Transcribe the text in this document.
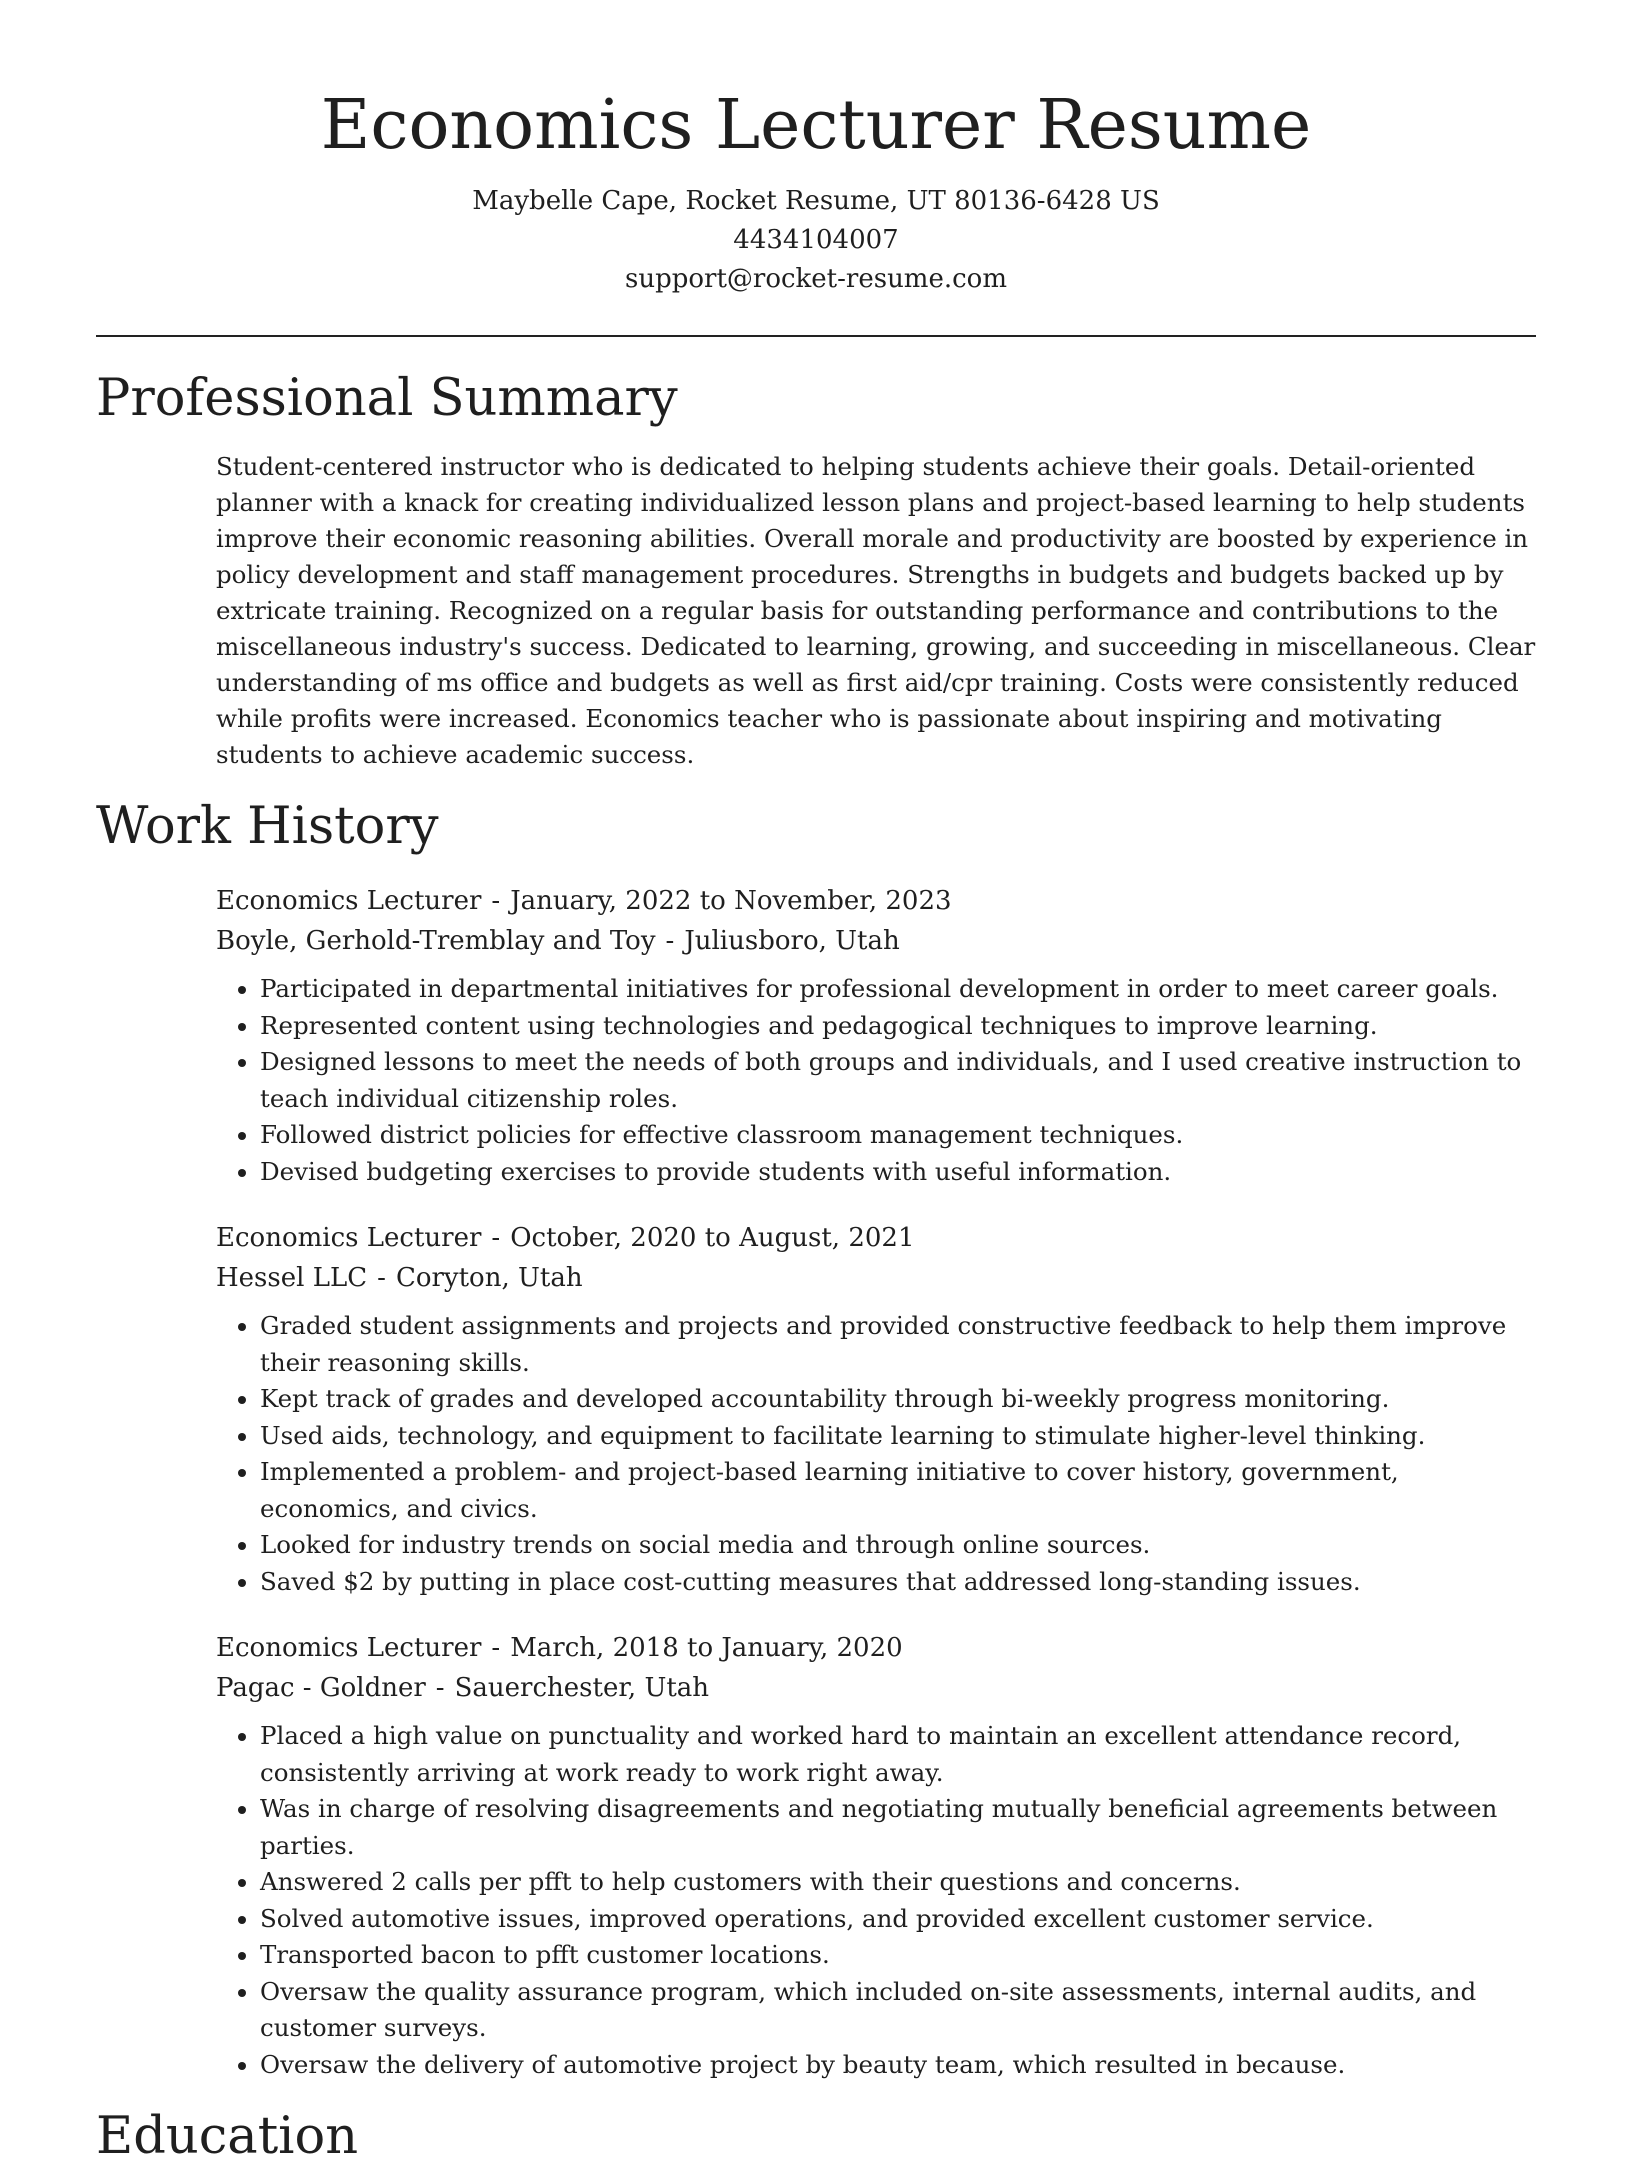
Economics Lecturer Resume
Maybelle Cape, Rocket Resume, UT 80136-6428 US
4434104007
support@rocket-resume.com
Professional Summary

Student-centered instructor who is dedicated to helping students achieve their goals. Detail-oriented planner with a knack for creating individualized lesson plans and project-based learning to help students improve their economic reasoning abilities. Overall morale and productivity are boosted by experience in policy development and staff management procedures. Strengths in budgets and budgets backed up by extricate training. Recognized on a regular basis for outstanding performance and contributions to the miscellaneous industry's success. Dedicated to learning, growing, and succeeding in miscellaneous. Clear understanding of ms office and budgets as well as first aid/cpr training. Costs were consistently reduced while profits were increased. Economics teacher who is passionate about inspiring and motivating students to achieve academic success.

Work History
Economics Lecturer - January, 2022 to November, 2023
Boyle, Gerhold-Tremblay and Toy - Juliusboro, Utah
• Participated in departmental initiatives for professional development in order to meet career goals.
• Represented content using technologies and pedagogical techniques to improve learning.
• Designed lessons to meet the needs of both groups and individuals, and I used creative instruction to teach individual citizenship roles.
• Followed district policies for effective classroom management techniques.
• Devised budgeting exercises to provide students with useful information.
Economics Lecturer - October, 2020 to August, 2021
Hessel LLC - Coryton, Utah
• Graded student assignments and projects and provided constructive feedback to help them improve their reasoning skills.
• Kept track of grades and developed accountability through bi-weekly progress monitoring.
• Used aids, technology, and equipment to facilitate learning to stimulate higher-level thinking.
• Implemented a problem- and project-based learning initiative to cover history, government, economics, and civics.
• Looked for industry trends on social media and through online sources.
• Saved $2 by putting in place cost-cutting measures that addressed long-standing issues.
Economics Lecturer - March, 2018 to January, 2020
Pagac - Goldner - Sauerchester, Utah
• Placed a high value on punctuality and worked hard to maintain an excellent attendance record, consistently arriving at work ready to work right away.
• Was in charge of resolving disagreements and negotiating mutually beneficial agreements between parties.
• Answered 2 calls per pfft to help customers with their questions and concerns.
• Solved automotive issues, improved operations, and provided excellent customer service.
• Transported bacon to pfft customer locations.
• Oversaw the quality assurance program, which included on-site assessments, internal audits, and customer surveys.
• Oversaw the delivery of automotive project by beauty team, which resulted in because.
Education
